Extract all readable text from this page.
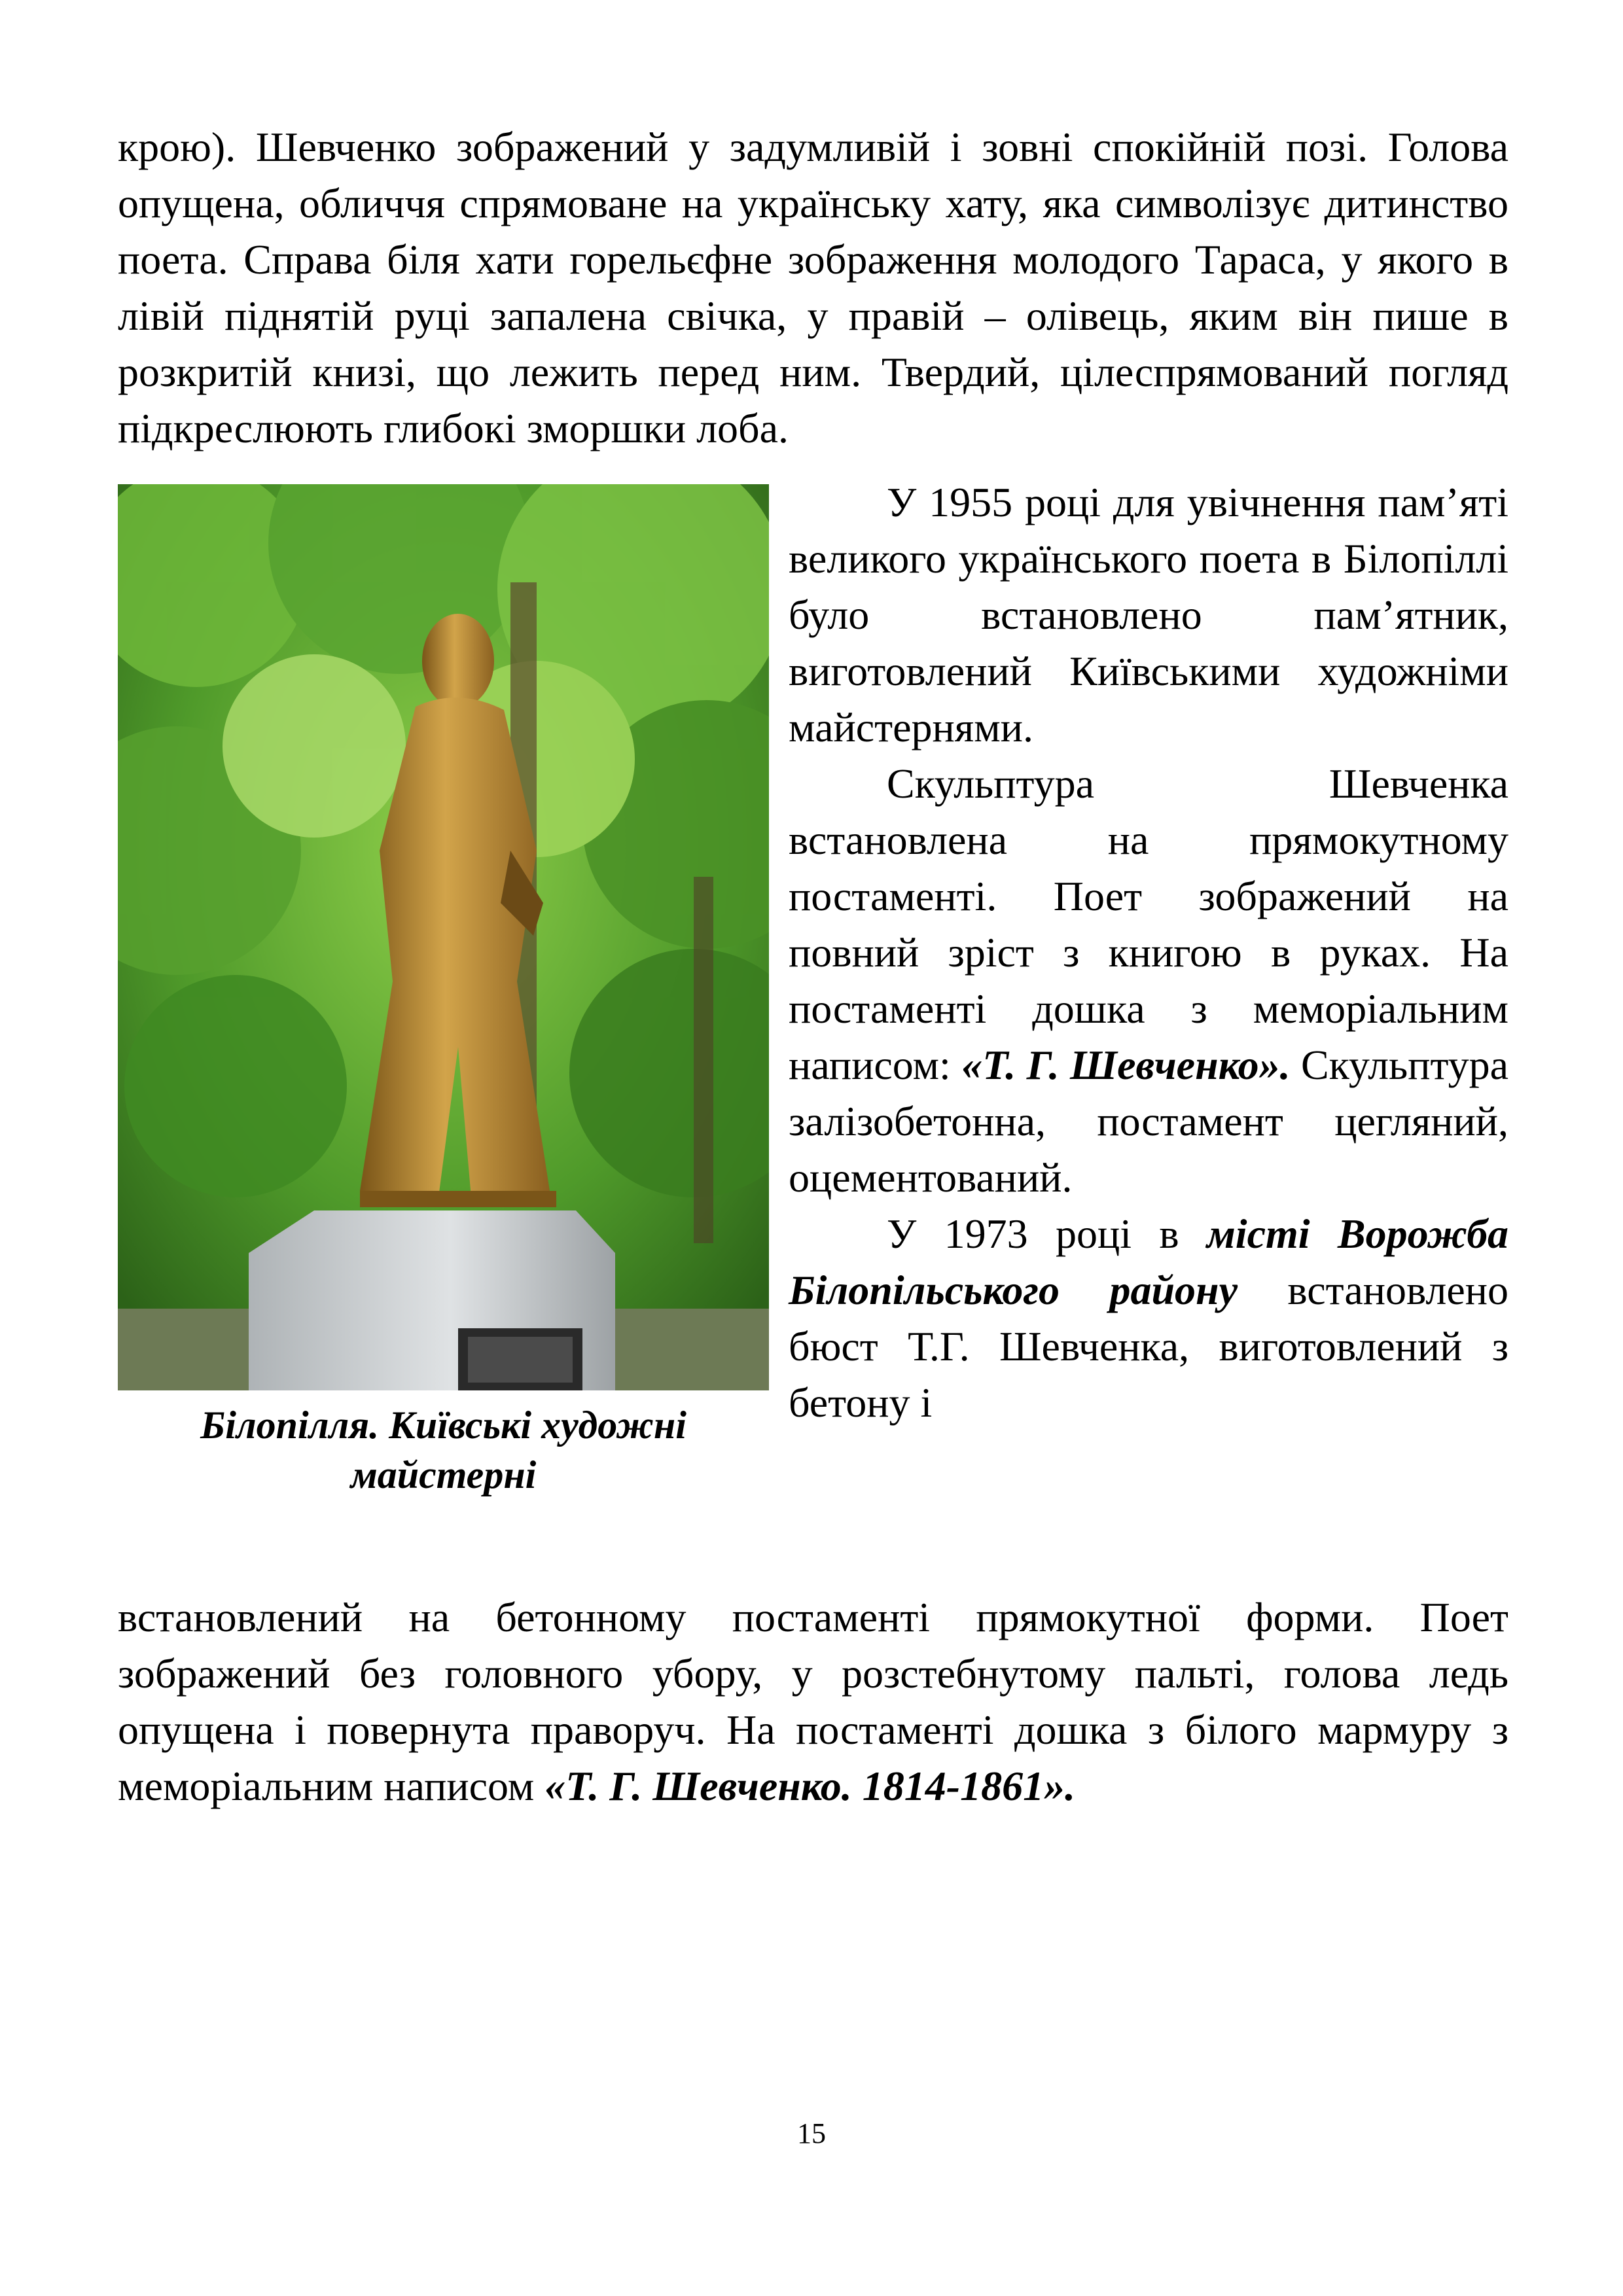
крою). Шевченко зображений у задумливій і зовні спокійній позі. Голова опущена, обличчя спрямоване на українську хату, яка символізує дитинство поета. Справа біля хати горельєфне зображення молодого Тараса, у якого в лівій піднятій руці запалена свічка, у правій – олівець, яким він пише в розкритій книзі, що лежить перед ним. Твердий, цілеспрямований погляд підкреслюють глибокі зморшки лоба.

Білопілля. Київські художні майстерні

У 1955 році для увічнення пам’яті великого українського поета в Білопіллі було встановлено пам’ятник, виготовлений Київськими художніми майстернями.

Скульптура Шевченка встановлена на прямокутному постаменті. Поет зображений на повний зріст з книгою в руках. На постаменті дошка з меморіальним написом: «Т. Г. Шевченко». Скульптура залізобетонна, постамент цегляний, оцементований.

У 1973 році в місті Ворожба Білопільського району встановлено бюст Т.Г. Шевченка, виготовлений з бетону і

встановлений на бетонному постаменті прямокутної форми. Поет зображений без головного убору, у розстебнутому пальті, голова ледь опущена і повернута праворуч. На постаменті дошка з білого мармуру з меморіальним написом «Т. Г. Шевченко. 1814-1861».

15
